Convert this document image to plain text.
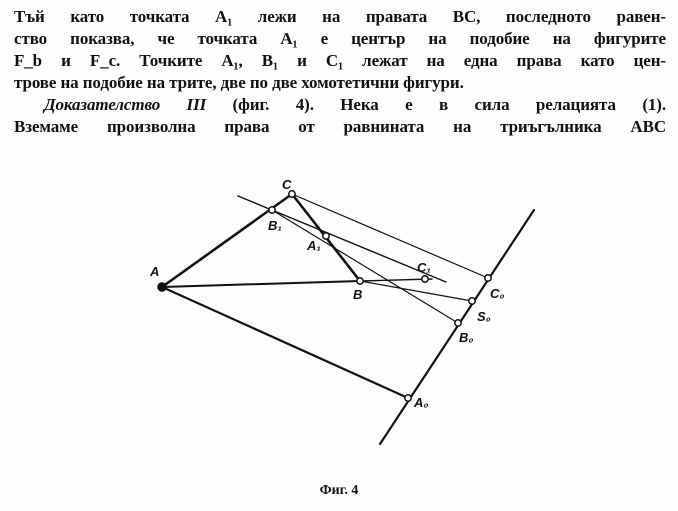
Тъй като точката A₁ лежи на правата BC, последното равен-
ство показва, че точката A₁ е център на подобие на фигурите
F_b и F_c. Точките A₁, B₁ и C₁ лежат на една права като цен-
трове на подобие на трите, две по две хомотетични фигури.
Доказателство III (фиг. 4). Нека е в сила релацията (1).
Вземаме произволна права от равнината на триъгълника ABC
A
C
B₁
A₁
B
C₁
C₀
S₀
B₀
A₀
Фиг. 4
